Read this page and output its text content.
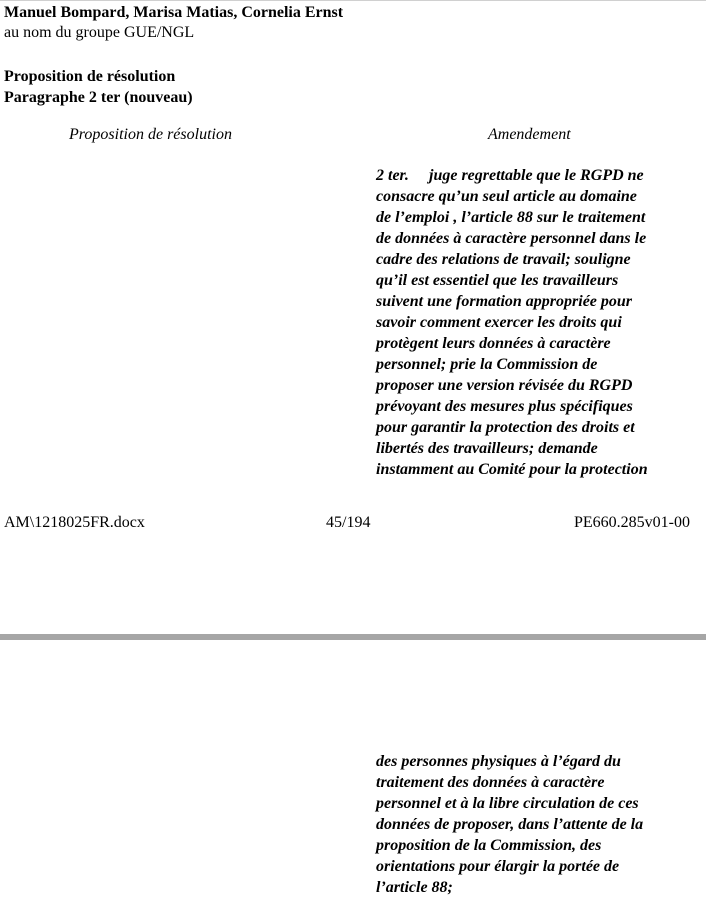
Manuel Bompard, Marisa Matias, Cornelia Ernst
au nom du groupe GUE/NGL
Proposition de résolution
Paragraphe 2 ter (nouveau)
Proposition de résolution	Amendement
2 ter. juge regrettable que le RGPD ne
consacre qu’un seul article au domaine
de l’emploi , l’article 88 sur le traitement
de données à caractère personnel dans le
cadre des relations de travail; souligne
qu’il est essentiel que les travailleurs
suivent une formation appropriée pour
savoir comment exercer les droits qui
protègent leurs données à caractère
personnel; prie la Commission de
proposer une version révisée du RGPD
prévoyant des mesures plus spécifiques
pour garantir la protection des droits et
libertés des travailleurs; demande
instamment au Comité pour la protection
AM\1218025FR.docx	45/194	PE660.285v01-00
des personnes physiques à l’égard du
traitement des données à caractère
personnel et à la libre circulation de ces
données de proposer, dans l’attente de la
proposition de la Commission, des
orientations pour élargir la portée de
l’article 88;
